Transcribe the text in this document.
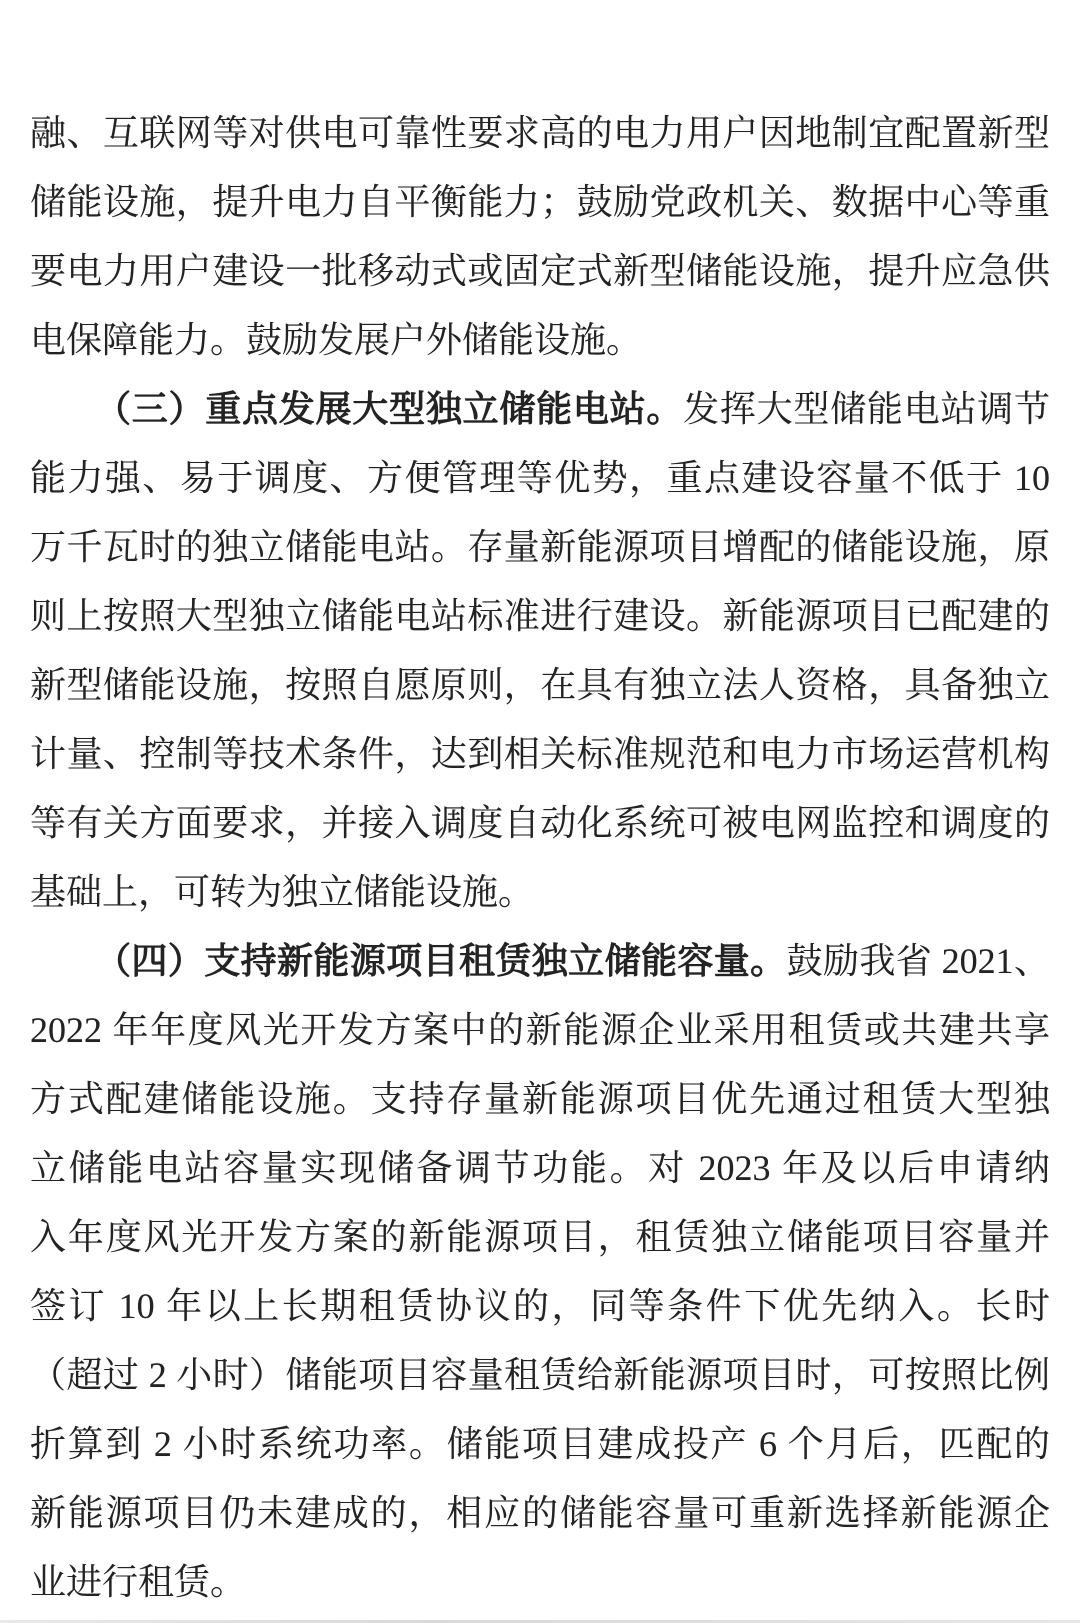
融、互联网等对供电可靠性要求高的电力用户因地制宜配置新型
储能设施，提升电力自平衡能力；鼓励党政机关、数据中心等重
要电力用户建设一批移动式或固定式新型储能设施，提升应急供
电保障能力。鼓励发展户外储能设施。
（三）重点发展大型独立储能电站。发挥大型储能电站调节
能力强、易于调度、方便管理等优势，重点建设容量不低于 10
万千瓦时的独立储能电站。存量新能源项目增配的储能设施，原
则上按照大型独立储能电站标准进行建设。新能源项目已配建的
新型储能设施，按照自愿原则，在具有独立法人资格，具备独立
计量、控制等技术条件，达到相关标准规范和电力市场运营机构
等有关方面要求，并接入调度自动化系统可被电网监控和调度的
基础上，可转为独立储能设施。
（四）支持新能源项目租赁独立储能容量。鼓励我省 2021、
2022 年年度风光开发方案中的新能源企业采用租赁或共建共享
方式配建储能设施。支持存量新能源项目优先通过租赁大型独
立储能电站容量实现储备调节功能。对 2023 年及以后申请纳
入年度风光开发方案的新能源项目，租赁独立储能项目容量并
签订 10 年以上长期租赁协议的，同等条件下优先纳入。长时
（超过 2 小时）储能项目容量租赁给新能源项目时，可按照比例
折算到 2 小时系统功率。储能项目建成投产 6 个月后，匹配的
新能源项目仍未建成的，相应的储能容量可重新选择新能源企
业进行租赁。
